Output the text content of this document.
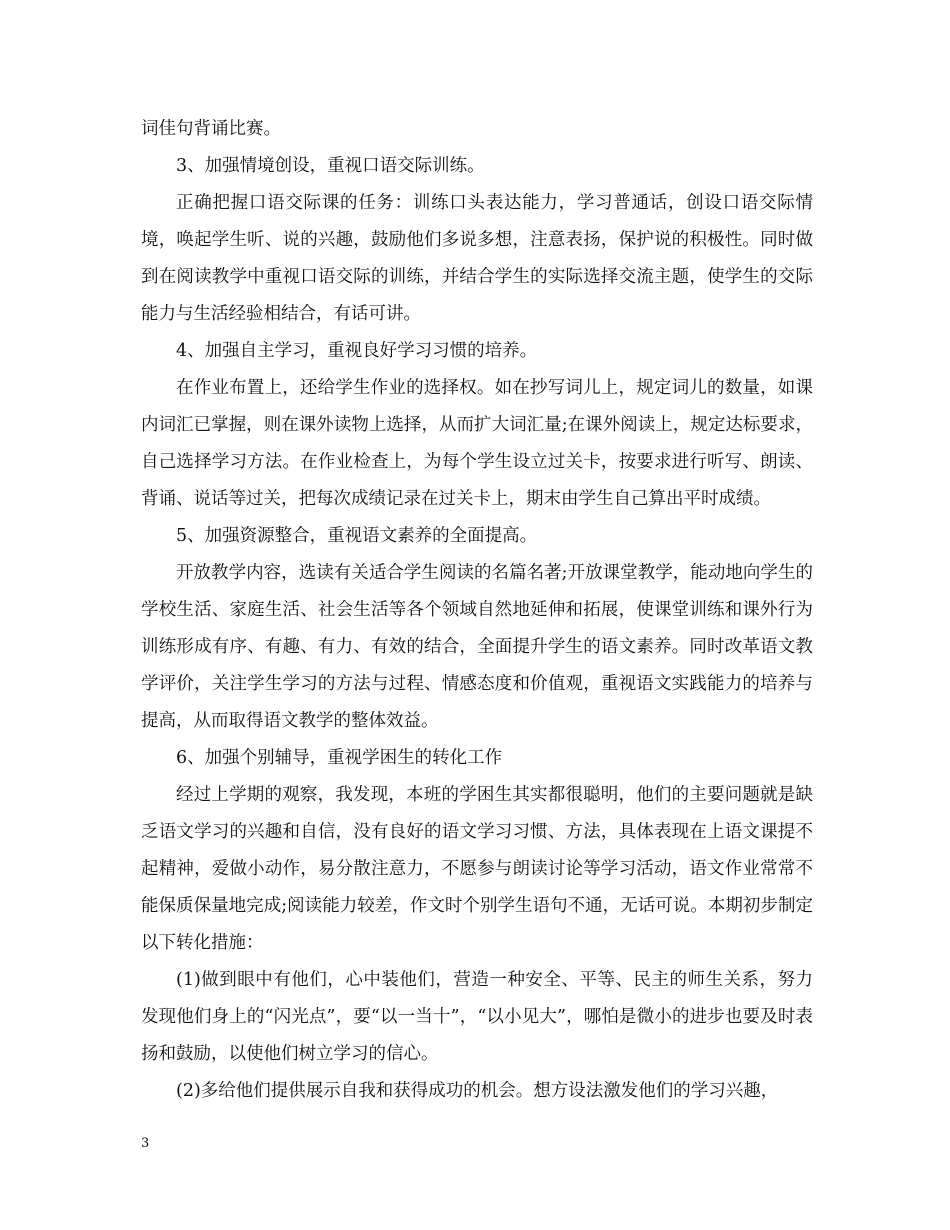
词佳句背诵比赛。

3、加强情境创设，重视口语交际训练。

正确把握口语交际课的任务：训练口头表达能力，学习普通话，创设口语交际情境，唤起学生听、说的兴趣，鼓励他们多说多想，注意表扬，保护说的积极性。同时做到在阅读教学中重视口语交际的训练，并结合学生的实际选择交流主题，使学生的交际能力与生活经验相结合，有话可讲。

4、加强自主学习，重视良好学习习惯的培养。

在作业布置上，还给学生作业的选择权。如在抄写词儿上，规定词儿的数量，如课内词汇已掌握，则在课外读物上选择，从而扩大词汇量;在课外阅读上，规定达标要求，自己选择学习方法。在作业检查上，为每个学生设立过关卡，按要求进行听写、朗读、背诵、说话等过关，把每次成绩记录在过关卡上，期末由学生自己算出平时成绩。

5、加强资源整合，重视语文素养的全面提高。

开放教学内容，选读有关适合学生阅读的名篇名著;开放课堂教学，能动地向学生的学校生活、家庭生活、社会生活等各个领域自然地延伸和拓展，使课堂训练和课外行为训练形成有序、有趣、有力、有效的结合，全面提升学生的语文素养。同时改革语文教学评价，关注学生学习的方法与过程、情感态度和价值观，重视语文实践能力的培养与提高，从而取得语文教学的整体效益。

6、加强个别辅导，重视学困生的转化工作

经过上学期的观察，我发现，本班的学困生其实都很聪明，他们的主要问题就是缺乏语文学习的兴趣和自信，没有良好的语文学习习惯、方法，具体表现在上语文课提不起精神，爱做小动作，易分散注意力，不愿参与朗读讨论等学习活动，语文作业常常不能保质保量地完成;阅读能力较差，作文时个别学生语句不通，无话可说。本期初步制定以下转化措施：

(1)做到眼中有他们，心中装他们，营造一种安全、平等、民主的师生关系，努力发现他们身上的“闪光点”，要“以一当十”，“以小见大”，哪怕是微小的进步也要及时表扬和鼓励，以使他们树立学习的信心。

(2)多给他们提供展示自我和获得成功的机会。想方设法激发他们的学习兴趣，

3
